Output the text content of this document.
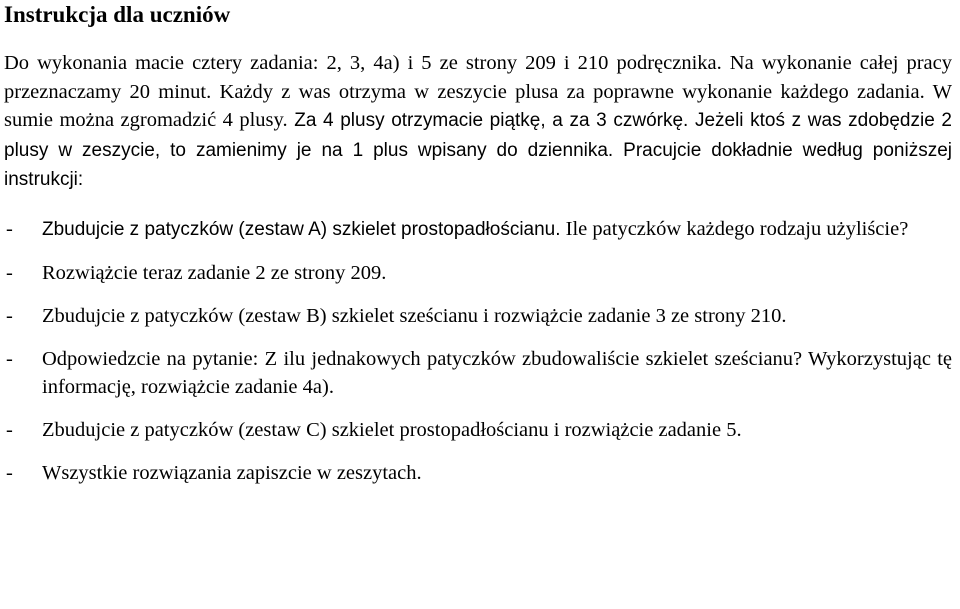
Instrukcja dla uczniów

Do wykonania macie cztery zadania: 2, 3, 4a) i 5 ze strony 209 i 210 podręcznika. Na wykonanie całej pracy przeznaczamy 20 minut. Każdy z was otrzyma w zeszycie plusa za poprawne wykonanie każdego zadania. W sumie można zgromadzić 4 plusy. Za 4 plusy otrzymacie piątkę, a za 3 czwórkę. Jeżeli ktoś z was zdobędzie 2 plusy w zeszycie, to zamienimy je na 1 plus wpisany do dziennika. Pracujcie dokładnie według poniższej instrukcji:

- Zbudujcie z patyczków (zestaw A) szkielet prostopadłościanu. Ile patyczków każdego rodzaju użyliście?
- Rozwiążcie teraz zadanie 2 ze strony 209.
- Zbudujcie z patyczków (zestaw B) szkielet sześcianu i rozwiążcie zadanie 3 ze strony 210.
- Odpowiedzcie na pytanie: Z ilu jednakowych patyczków zbudowaliście szkielet sześcianu? Wykorzystując tę informację, rozwiążcie zadanie 4a).
- Zbudujcie z patyczków (zestaw C) szkielet prostopadłościanu i rozwiążcie zadanie 5.
- Wszystkie rozwiązania zapiszcie w zeszytach.
